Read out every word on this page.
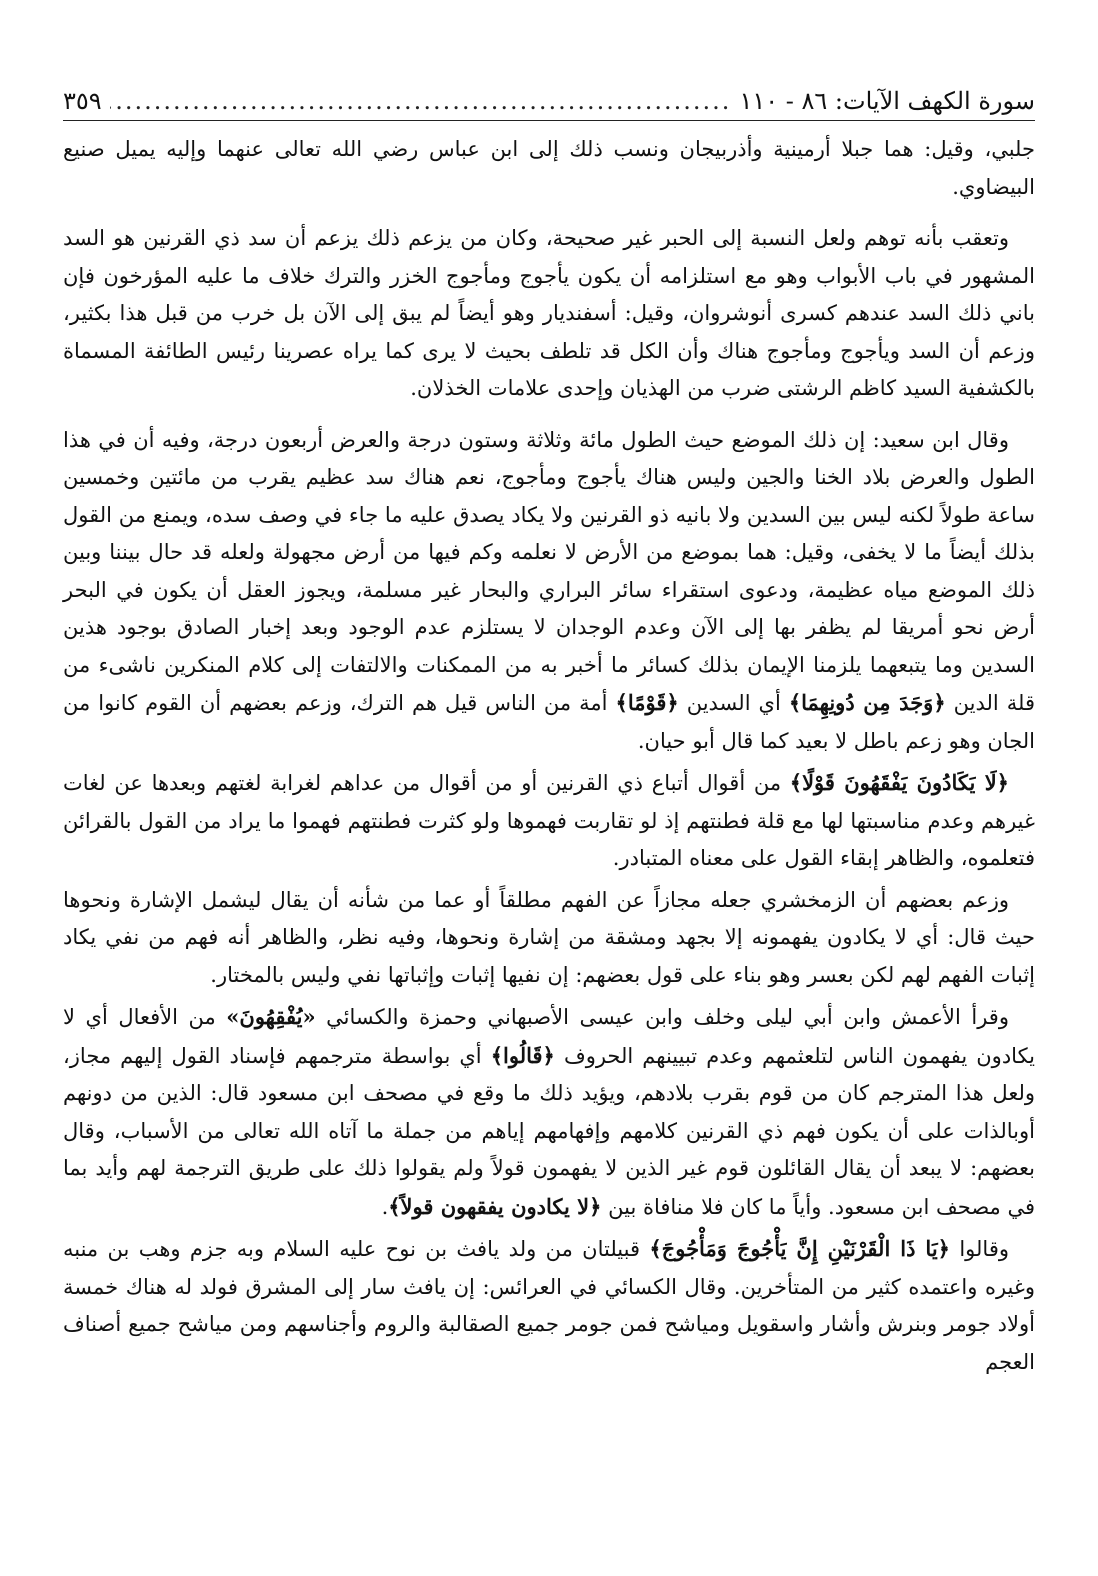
سورة الكهف الآيات: ٨٦ - ١١٠
.....
٣٥٩

جلبي، وقيل: هما جبلا أرمينية وأذربيجان ونسب ذلك إلى ابن عباس رضي الله تعالى عنهما وإليه يميل صنيع البيضاوي.

وتعقب بأنه توهم ولعل النسبة إلى الحبر غير صحيحة، وكان من يزعم ذلك يزعم أن سد ذي القرنين هو السد المشهور في باب الأبواب وهو مع استلزامه أن يكون يأجوج ومأجوج الخزر والترك خلاف ما عليه المؤرخون فإن باني ذلك السد عندهم كسرى أنوشروان، وقيل: أسفنديار وهو أيضاً لم يبق إلى الآن بل خرب من قبل هذا بكثير، وزعم أن السد ويأجوج ومأجوج هناك وأن الكل قد تلطف بحيث لا يرى كما يراه عصرينا رئيس الطائفة المسماة بالكشفية السيد كاظم الرشتى ضرب من الهذيان وإحدى علامات الخذلان.

وقال ابن سعيد: إن ذلك الموضع حيث الطول مائة وثلاثة وستون درجة والعرض أربعون درجة، وفيه أن في هذا الطول والعرض بلاد الخنا والجين وليس هناك يأجوج ومأجوج، نعم هناك سد عظيم يقرب من مائتين وخمسين ساعة طولاً لكنه ليس بين السدين ولا بانيه ذو القرنين ولا يكاد يصدق عليه ما جاء في وصف سده، ويمنع من القول بذلك أيضاً ما لا يخفى، وقيل: هما بموضع من الأرض لا نعلمه وكم فيها من أرض مجهولة ولعله قد حال بيننا وبين ذلك الموضع مياه عظيمة، ودعوى استقراء سائر البراري والبحار غير مسلمة، ويجوز العقل أن يكون في البحر أرض نحو أمريقا لم يظفر بها إلى الآن وعدم الوجدان لا يستلزم عدم الوجود وبعد إخبار الصادق بوجود هذين السدين وما يتبعهما يلزمنا الإيمان بذلك كسائر ما أخبر به من الممكنات والالتفات إلى كلام المنكرين ناشىء من قلة الدين ﴿وَجَدَ مِن دُونِهِمَا﴾ أي السدين ﴿قَوْمًا﴾ أمة من الناس قيل هم الترك، وزعم بعضهم أن القوم كانوا من الجان وهو زعم باطل لا بعيد كما قال أبو حيان.

﴿لَا يَكَادُونَ يَفْقَهُونَ قَوْلًا﴾ من أقوال أتباع ذي القرنين أو من أقوال من عداهم لغرابة لغتهم وبعدها عن لغات غيرهم وعدم مناسبتها لها مع قلة فطنتهم إذ لو تقاربت فهموها ولو كثرت فطنتهم فهموا ما يراد من القول بالقرائن فتعلموه، والظاهر إبقاء القول على معناه المتبادر.

وزعم بعضهم أن الزمخشري جعله مجازاً عن الفهم مطلقاً أو عما من شأنه أن يقال ليشمل الإشارة ونحوها حيث قال: أي لا يكادون يفهمونه إلا بجهد ومشقة من إشارة ونحوها، وفيه نظر، والظاهر أنه فهم من نفي يكاد إثبات الفهم لهم لكن بعسر وهو بناء على قول بعضهم: إن نفيها إثبات وإثباتها نفي وليس بالمختار.

وقرأ الأعمش وابن أبي ليلى وخلف وابن عيسى الأصبهاني وحمزة والكسائي «يُفْقِهُونَ» من الأفعال أي لا يكادون يفهمون الناس لتلعثمهم وعدم تبيينهم الحروف ﴿قَالُوا﴾ أي بواسطة مترجمهم فإسناد القول إليهم مجاز، ولعل هذا المترجم كان من قوم بقرب بلادهم، ويؤيد ذلك ما وقع في مصحف ابن مسعود قال: الذين من دونهم أوبالذات على أن يكون فهم ذي القرنين كلامهم وإفهامهم إياهم من جملة ما آتاه الله تعالى من الأسباب، وقال بعضهم: لا يبعد أن يقال القائلون قوم غير الذين لا يفهمون قولاً ولم يقولوا ذلك على طريق الترجمة لهم وأيد بما في مصحف ابن مسعود. وأياً ما كان فلا منافاة بين ﴿لا يكادون يفقهون قولاً﴾.

وقالوا ﴿يَا ذَا الْقَرْنَيْنِ إِنَّ يَأْجُوجَ وَمَأْجُوجَ﴾ قبيلتان من ولد يافث بن نوح عليه السلام وبه جزم وهب بن منبه وغيره واعتمده كثير من المتأخرين. وقال الكسائي في العرائس: إن يافث سار إلى المشرق فولد له هناك خمسة أولاد جومر وبنرش وأشار واسقويل ومياشح فمن جومر جميع الصقالبة والروم وأجناسهم ومن مياشح جميع أصناف العجم
